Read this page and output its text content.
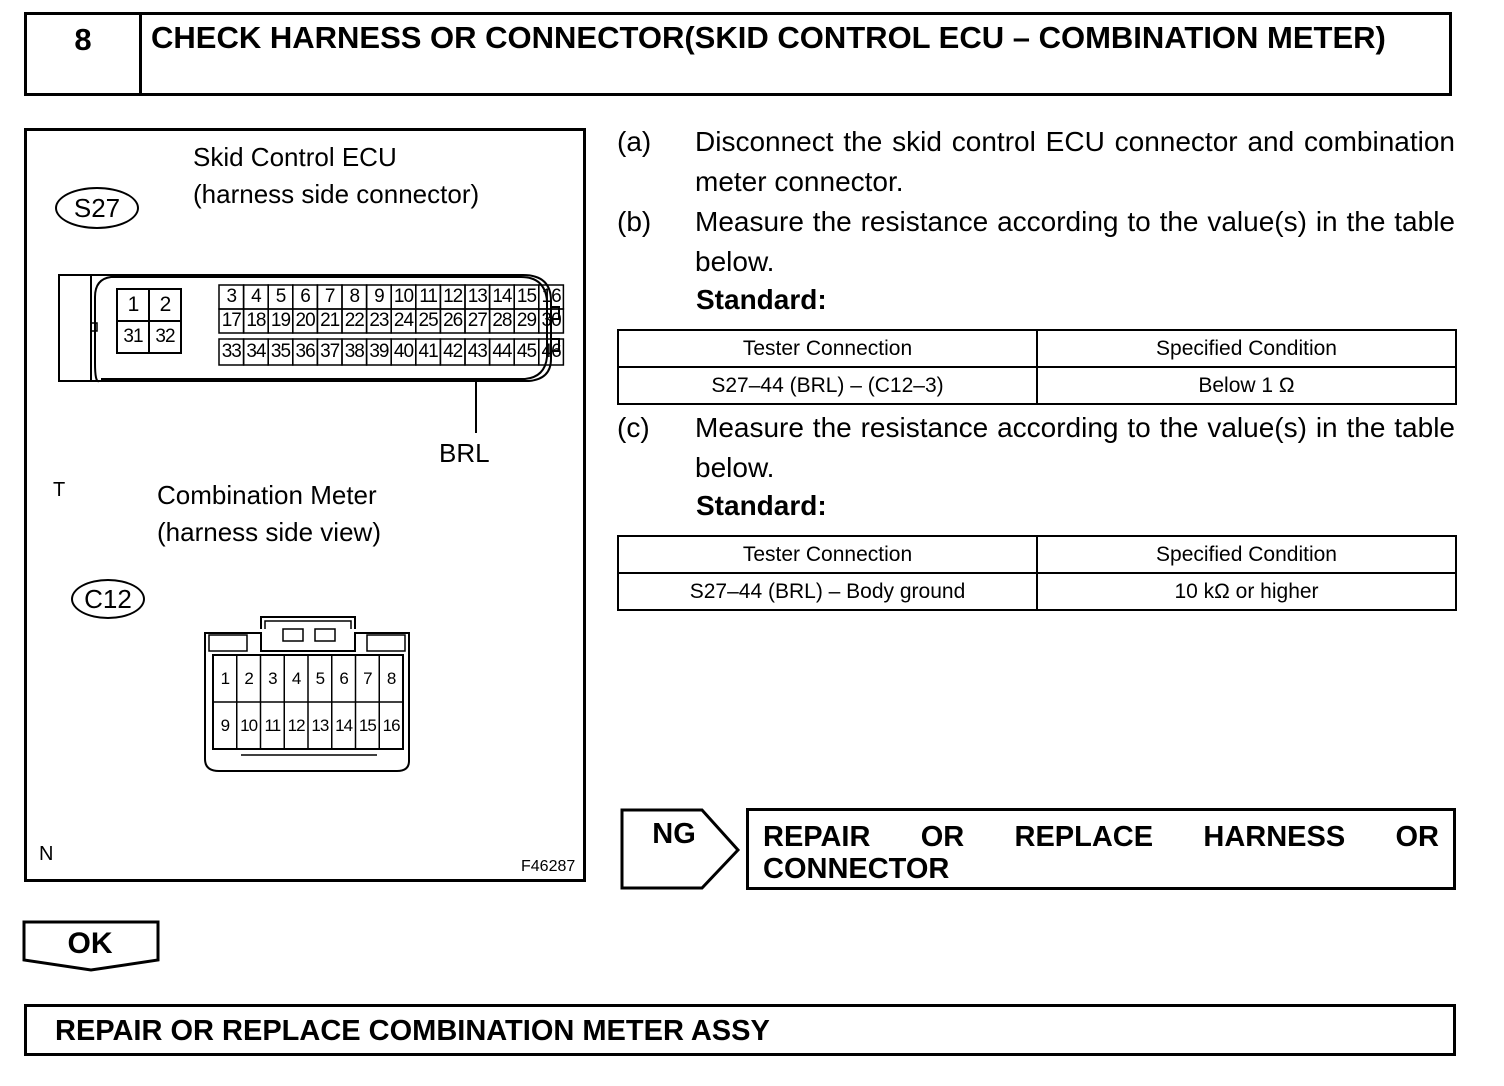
8	CHECK HARNESS OR CONNECTOR(SKID CONTROL ECU – COMBINATION METER)
Skid Control ECU
(harness side connector)
S27
3 4 5 6 7 8 9 10 11 12 13 14 15 16
17 18 19 20 21 22 23 24 25 26 27 28 29 30
33 34 35 36 37 38 39 40 41 42 43 44 45 46
1	2
31 32
BRL
T	Combination Meter
(harness side view)
C12
1 2 3 4 5 6 7 8
9 10 11 12 13 14 15 16
N
F46287
(a) Disconnect the skid control ECU connector and combination meter connector.
(b) Measure the resistance according to the value(s) in the table below.
Standard:
Tester Connection	Specified Condition
S27–44 (BRL) – (C12–3)	Below 1 Ω
(c) Measure the resistance according to the value(s) in the table below.
Standard:
Tester Connection	Specified Condition
S27–44 (BRL) – Body ground	10 kΩ or higher
NG	REPAIR OR REPLACE HARNESS OR
CONNECTOR
OK
REPAIR OR REPLACE COMBINATION METER ASSY
